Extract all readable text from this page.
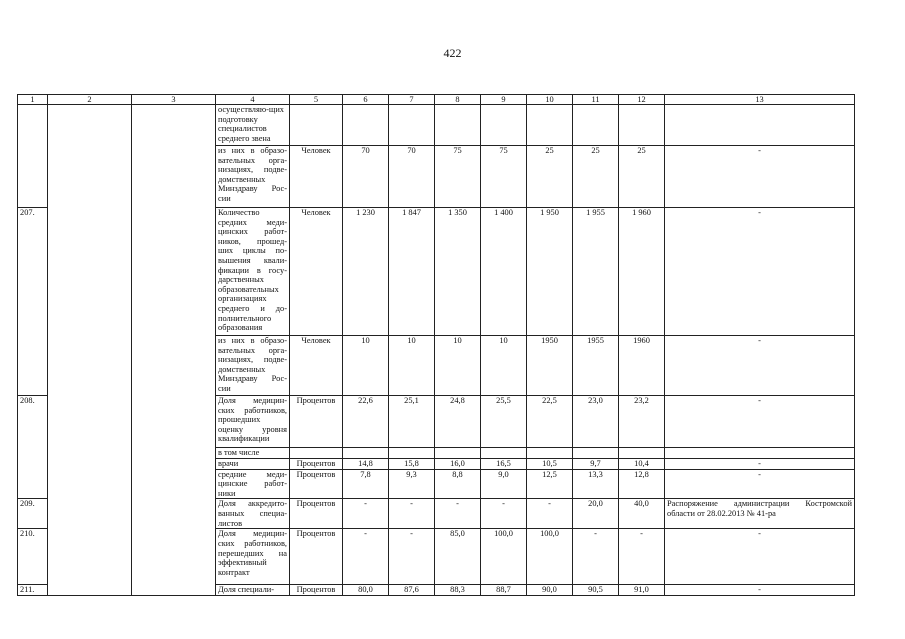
422
1	2	3	4	5	6	7	8	9	10	11	12	13
			осуществляю-щих подготовку специалистов среднего звена									
			из них в образо-вательных орга-низациях, подве-домственных Минздраву Рос-сии	Человек	70	70	75	75	25	25	25	-
207.			Количество средних меди-цинских работ-ников, прошед-ших циклы по-вышения квали-фикации в госу-дарственных образовательных организациях среднего и до-полнительного образования	Человек	1 230	1 847	1 350	1 400	1 950	1 955	1 960	-
			из них в образо-вательных орга-низациях, подве-домственных Минздраву Рос-сии	Человек	10	10	10	10	1950	1955	1960	-
208.			Доля медицин-ских работников, прошедших оценку уровня квалификации	Процентов	22,6	25,1	24,8	25,5	22,5	23,0	23,2	-
			в том числе									
			врачи	Процентов	14,8	15,8	16,0	16,5	10,5	9,7	10,4	-
			средние меди-цинские работ-ники	Процентов	7,8	9,3	8,8	9,0	12,5	13,3	12,8	-
209.			Доля аккредито-ванных специа-листов	Процентов	-	-	-	-	-	20,0	40,0	Распоряжение администрации Костромской области от 28.02.2013 № 41-ра
210.			Доля медицин-ских работников, перешедших на эффективный контракт	Процентов	-	-	85,0	100,0	100,0	-	-	-
211.			Доля специали-	Процентов	80,0	87,6	88,3	88,7	90,0	90,5	91,0	-
